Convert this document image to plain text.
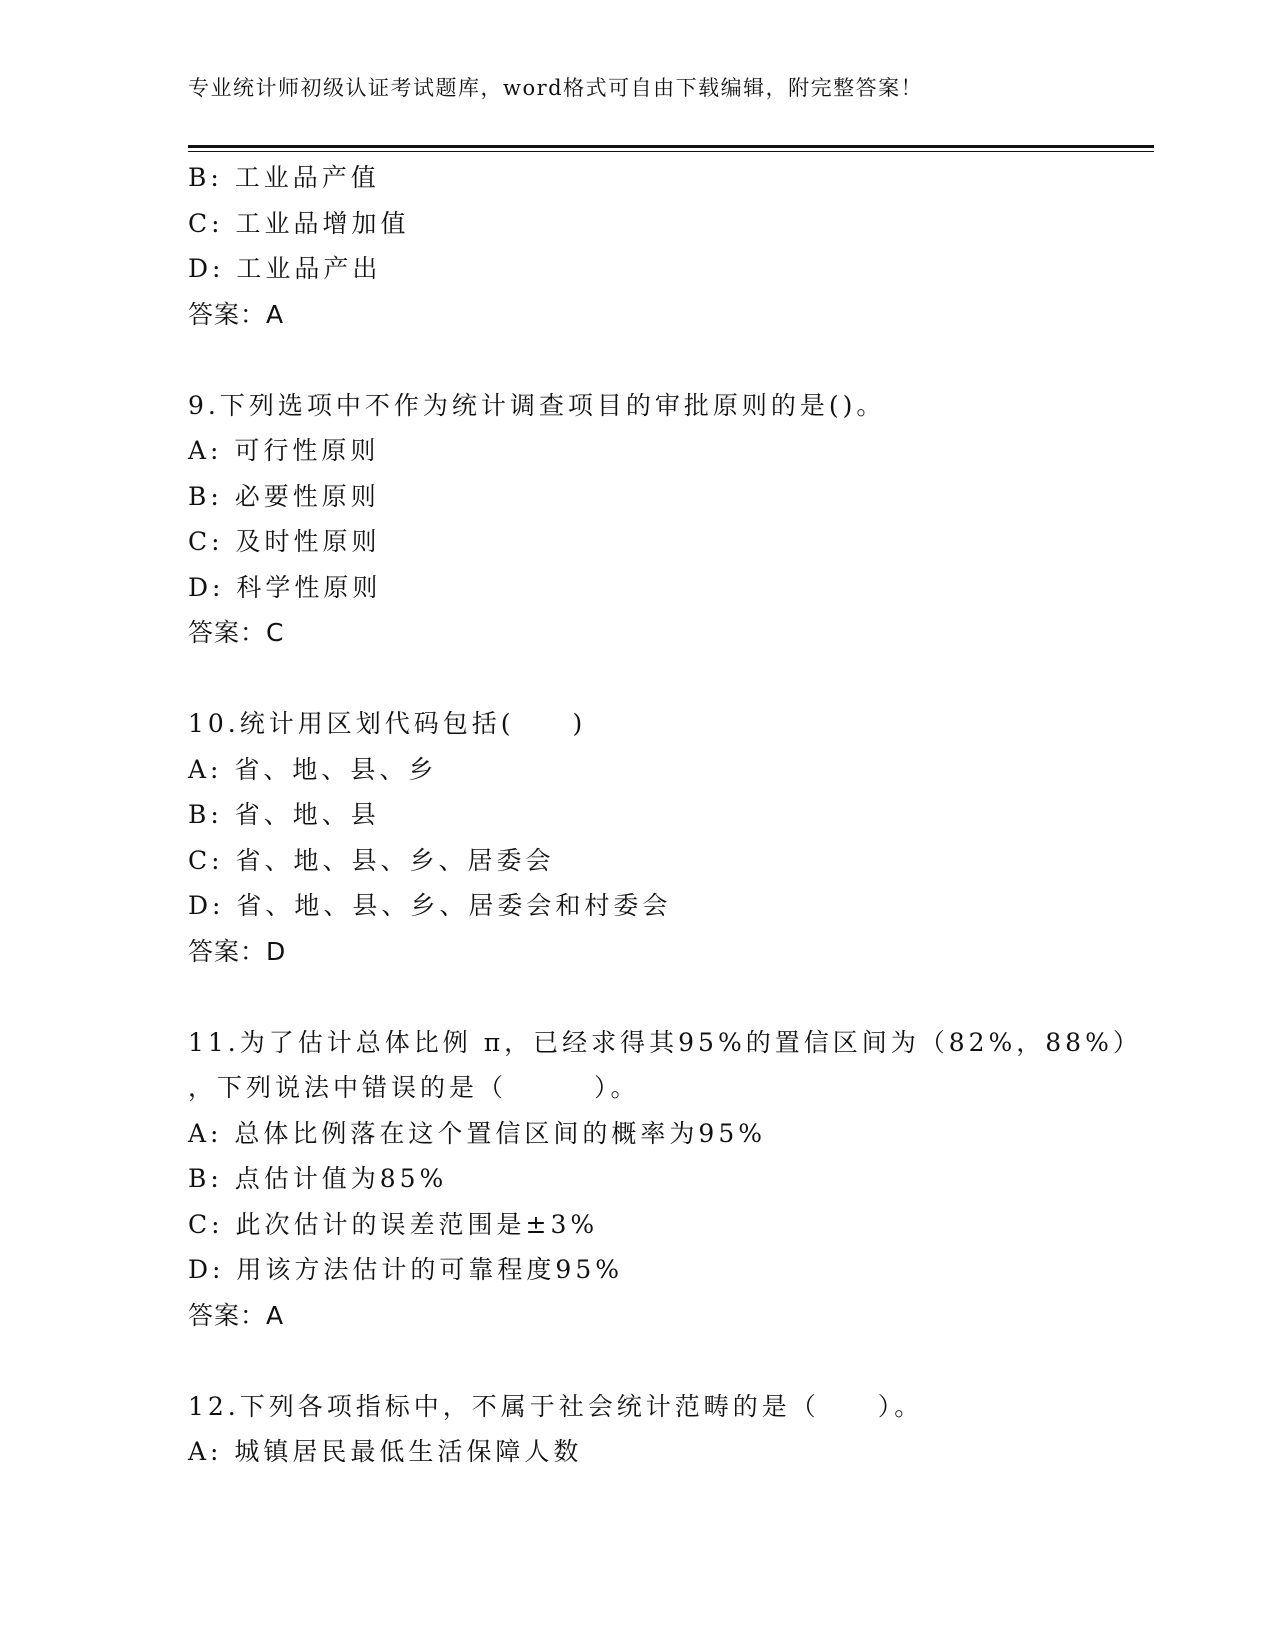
专业统计师初级认证考试题库，word格式可自由下载编辑，附完整答案！
B: 工业品产值
C: 工业品增加值
D: 工业品产出
答案：A
9.下列选项中不作为统计调查项目的审批原则的是()。
A: 可行性原则
B: 必要性原则
C: 及时性原则
D: 科学性原则
答案：C
10.统计用区划代码包括(　　)
A: 省、地、县、乡
B: 省、地、县
C: 省、地、县、乡、居委会
D: 省、地、县、乡、居委会和村委会
答案：D
11.为了估计总体比例 π，已经求得其95%的置信区间为（82%，88%）
，下列说法中错误的是（　　　）。
A: 总体比例落在这个置信区间的概率为95%
B: 点估计值为85%
C: 此次估计的误差范围是±3%
D: 用该方法估计的可靠程度95%
答案：A
12.下列各项指标中，不属于社会统计范畴的是（　　）。
A: 城镇居民最低生活保障人数
